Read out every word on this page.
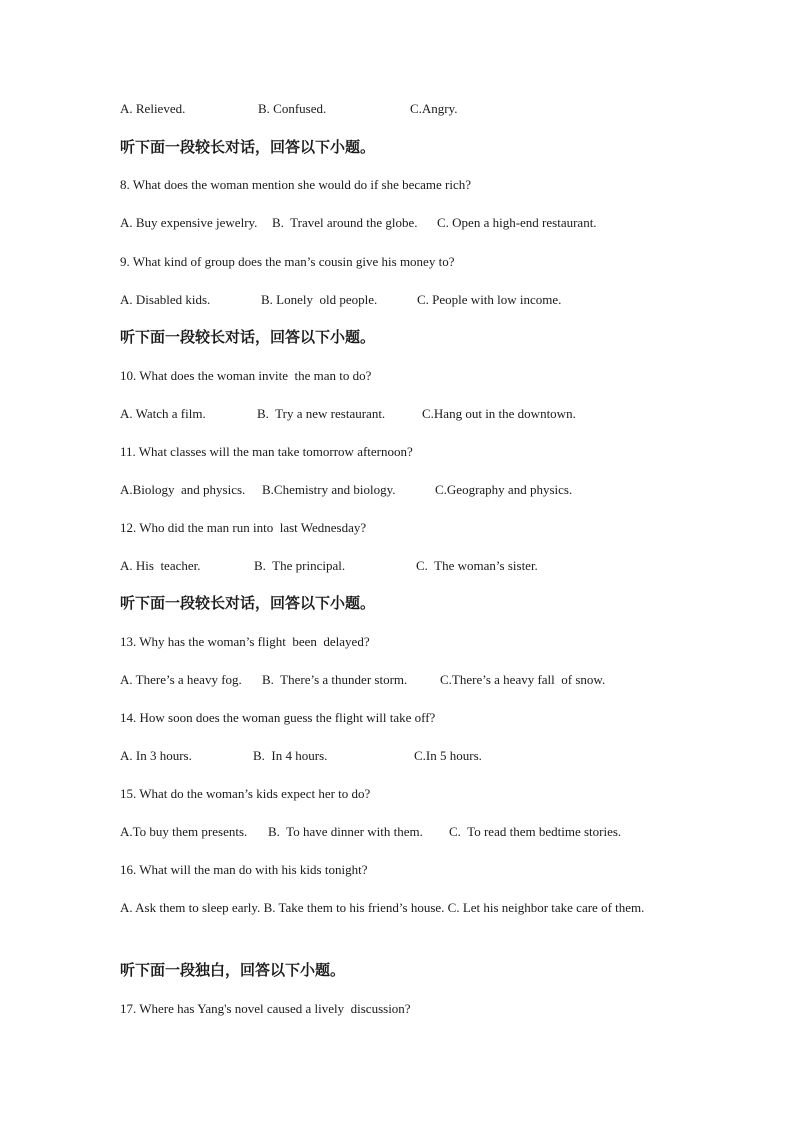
A. Relieved.

	B. Confused.

	C.Angry.

听下面一段较长对话，回答以下小题。
8. What does the woman mention she would do if she became rich?

A. Buy expensive jewelry.

B.  Travel around the globe.

C. Open a high-end restaurant.

9. What kind of group does the man’s cousin give his money to?

A. Disabled kids.

	B. Lonely  old people.

	C. People with low income.

听下面一段较长对话，回答以下小题。
10. What does the woman invite  the man to do?

A. Watch a film.

	B.  Try a new restaurant.

	C.Hang out in the downtown.

11. What classes will the man take tomorrow afternoon?

A.Biology  and physics.

B.Chemistry and biology.

	C.Geography and physics.

12. Who did the man run into  last Wednesday?

A. His  teacher.

	B.  The principal.

	C.  The woman’s sister.

听下面一段较长对话，回答以下小题。
13. Why has the woman’s flight  been  delayed?

A. There’s a heavy fog.

B.  There’s a thunder storm.

	C.There’s a heavy fall  of snow.

14. How soon does the woman guess the flight will take off?

A. In 3 hours.

	B.  In 4 hours.

	C.In 5 hours.

15. What do the woman’s kids expect her to do?

A.To buy them presents.

B.  To have dinner with them.

C.  To read them bedtime stories.

16. What will the man do with his kids tonight?
A. Ask them to sleep early. B. Take them to his friend’s house. C. Let his neighbor take care of them.
听下面一段独白，回答以下小题。
17. Where has Yang's novel caused a lively  discussion?
